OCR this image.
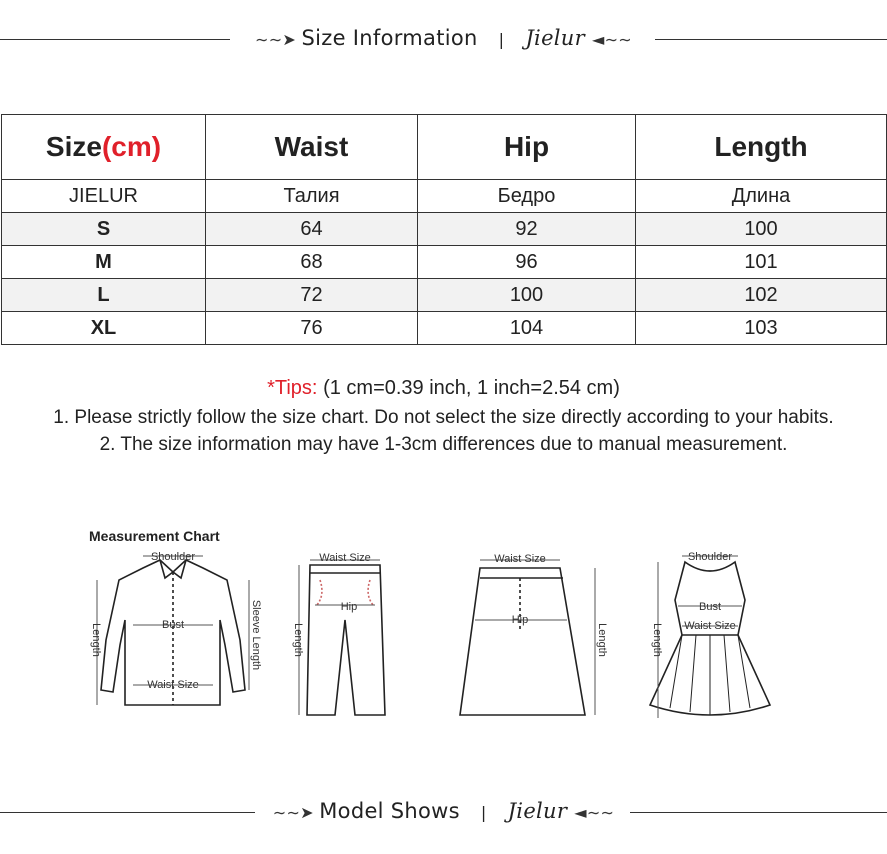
∼∼➤ Size Information | Jielur ◄∼∼
Size(cm)	Waist	Hip	Length
JIELUR	Талия	Бедро	Длина
S	64	92	100
M	68	96	101
L	72	100	102
XL	76	104	103
*Tips: (1 cm=0.39 inch, 1 inch=2.54 cm)
1. Please strictly follow the size chart. Do not select the size directly according to your habits.
2. The size information may have 1-3cm differences due to manual measurement.
Measurement Chart
Shoulder
Bust
Waist Size
Length	Sleeve Length
Waist Size
Hip
Length
Waist Size
Hip
Length
Shoulder
Bust
Waist Size
Length
∼∼➤ Model Shows | Jielur ◄∼∼
